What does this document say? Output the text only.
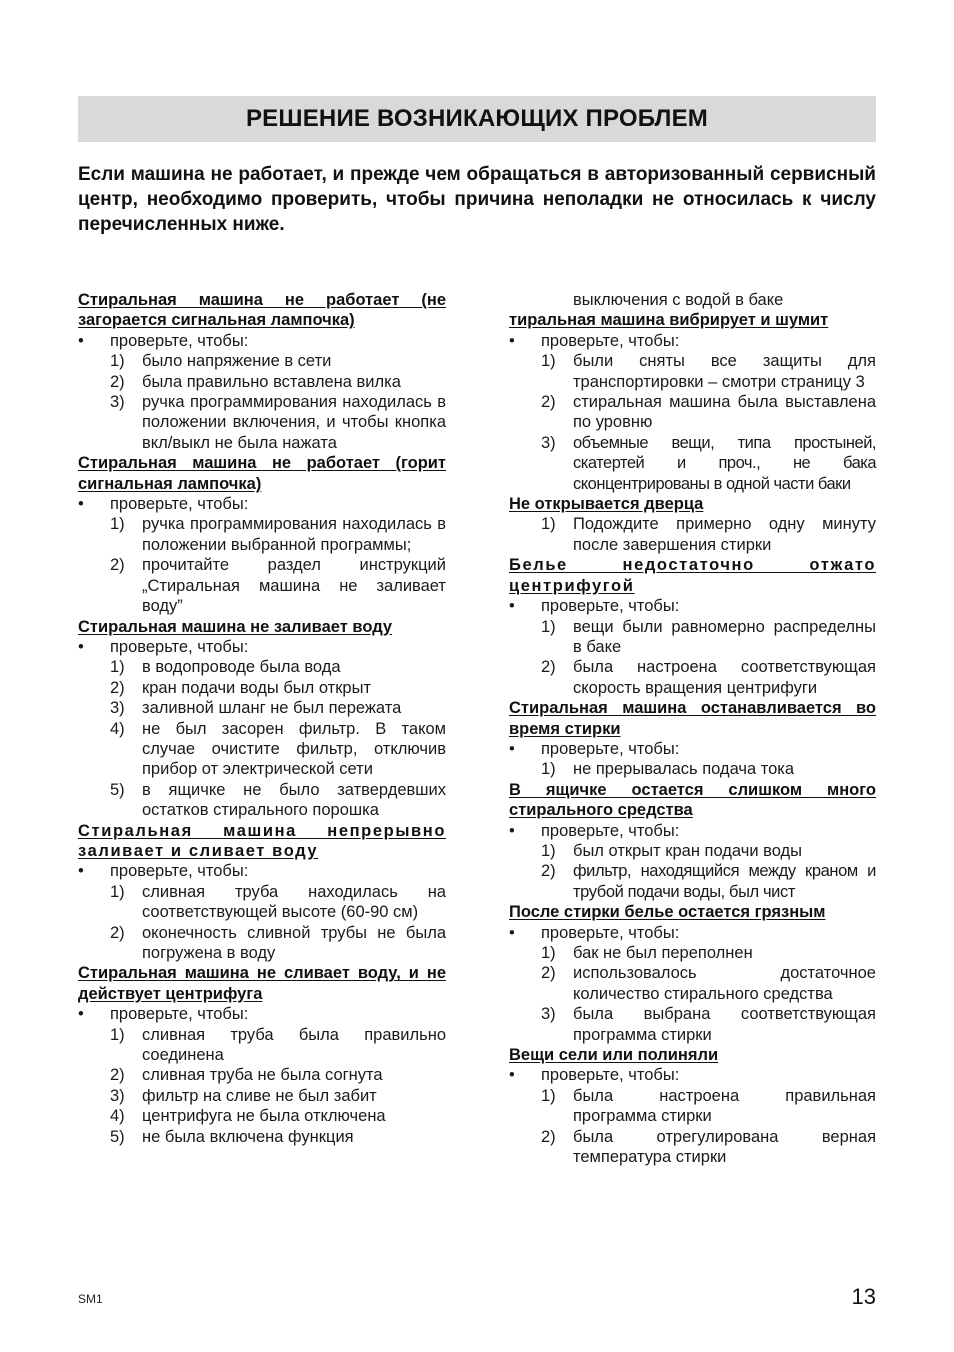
РЕШЕНИЕ ВОЗНИКАЮЩИХ ПРОБЛЕМ
Если машина не работает, и прежде чем обращаться в авторизованный сервисный центр, необходимо проверить, чтобы причина неполадки не относилась к числу перечисленных ниже.
Стиральная машина не работает (не загорается сигнальная лампочка)
• проверьте, чтобы:
1) было напряжение в сети
2) была правильно вставлена вилка
3) ручка программирования находилась в положении включения, и чтобы кнопка вкл/выкл не была нажата
Стиральная машина не работает (горит сигнальная лампочка)
• проверьте, чтобы:
1) ручка программирования находилась в положении выбранной программы;
2) прочитайте раздел инструкций „Стиральная машина не заливает воду”
Стиральная машина не заливает воду
• проверьте, чтобы:
1) в водопроводе была вода
2) кран подачи воды был открыт
3) заливной шланг не был пережата
4) не был засорен фильтр. В таком случае очистите фильтр, отключив прибор от электрической сети
5) в ящичке не было затвердевших остатков стирального порошка
Стиральная машина непрерывно заливает и сливает воду
• проверьте, чтобы:
1) сливная труба находилась на соответствующей высоте (60-90 см)
2) оконечность сливной трубы не была погружена в воду
Стиральная машина не сливает воду, и не действует центрифуга
• проверьте, чтобы:
1) сливная труба была правильно соединена
2) сливная труба не была согнута
3) фильтр на сливе не был забит
4) центрифуга не была отключена
5) не была включена функция
выключения с водой в баке
тиральная машина вибрирует и шумит
• проверьте, чтобы:
1) были сняты все защиты для транспортировки – смотри страницу 3
2) стиральная машина была выставлена по уровню
3) объемные вещи, типа простыней, скатертей и проч., не бака сконцентрированы в одной части баки
Не открывается дверца
1) Подождите примерно одну минуту после завершения стирки
Белье недостаточно отжато центрифугой
• проверьте, чтобы:
1) вещи были равномерно распределны в баке
2) была настроена соответствующая скорость вращения центрифуги
Стиральная машина останавливается во время стирки
• проверьте, чтобы:
1) не прерывалась подача тока
В ящичке остается слишком много стирального средства
• проверьте, чтобы:
1) был открыт кран подачи воды
2) фильтр, находящийся между краном и трубой подачи воды, был чист
После стирки белье остается грязным
• проверьте, чтобы:
1) бак не был переполнен
2) использовалось достаточное количество стирального средства
3) была выбрана соответствующая программа стирки
Вещи сели или полиняли
• проверьте, чтобы:
1) была настроена правильная программа стирки
2) была отрегулирована верная температура стирки
SM1	13
